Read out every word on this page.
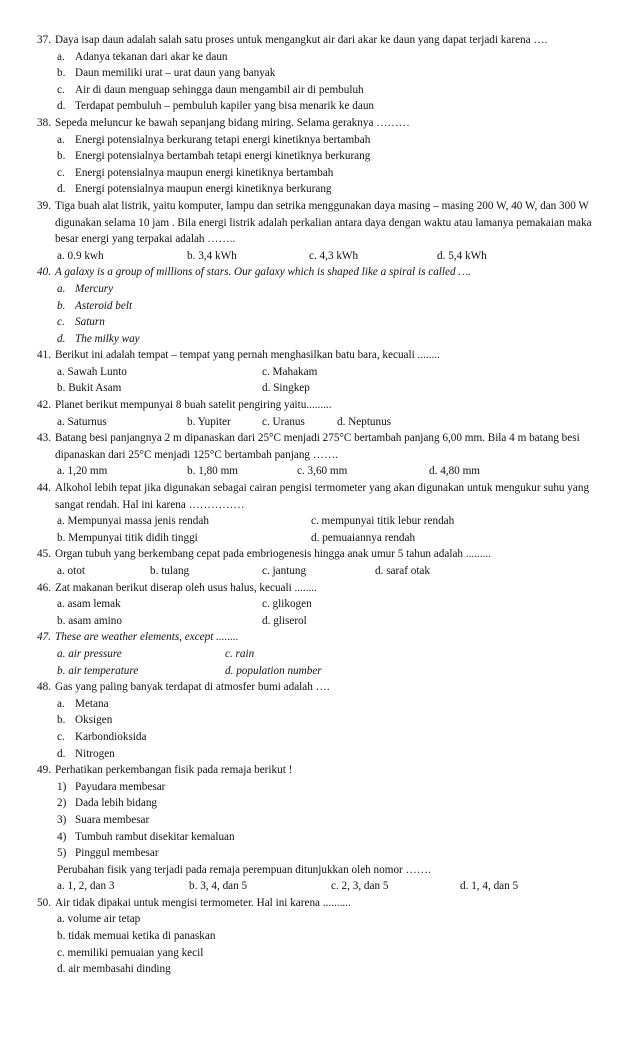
37. Daya isap daun adalah salah satu proses untuk mengangkut air dari akar ke daun yang dapat terjadi karena ….
a. Adanya tekanan dari akar ke daun
b. Daun memiliki urat – urat daun yang banyak
c. Air di daun menguap sehingga daun mengambil air di pembuluh
d. Terdapat pembuluh – pembuluh kapiler yang bisa menarik ke daun
38. Sepeda meluncur ke bawah sepanjang bidang miring. Selama geraknya ………
a. Energi potensialnya berkurang tetapi energi kinetiknya bertambah
b. Energi potensialnya bertambah tetapi energi kinetiknya berkurang
c. Energi potensialnya maupun energi kinetiknya bertambah
d. Energi potensialnya maupun energi kinetiknya berkurang
39. Tiga buah alat listrik, yaitu komputer, lampu dan setrika menggunakan daya masing – masing 200 W, 40 W, dan 300 W digunakan selama 10 jam . Bila energi listrik adalah perkalian antara daya dengan waktu atau lamanya pemakaian maka besar energi yang terpakai adalah ……..
a. 0.9 kwh	b. 3,4 kWh	c. 4,3 kWh	d. 5,4 kWh
40. A galaxy is a group of millions of stars. Our galaxy which is shaped like a spiral is called ….
a. Mercury
b. Asteroid belt
c. Saturn
d. The milky way
41. Berikut ini adalah tempat – tempat yang pernah menghasilkan batu bara, kecuali ........
a. Sawah Lunto	c. Mahakam
b. Bukit Asam	d. Singkep
42. Planet berikut mempunyai 8 buah satelit pengiring yaitu.........
a. Saturnus	b. Yupiter	c. Uranus	d. Neptunus
43. Batang besi panjangnya 2 m dipanaskan dari 25°C menjadi 275°C bertambah panjang 6,00 mm. Bila 4 m batang besi dipanaskan dari 25°C menjadi 125°C bertambah panjang …….
a. 1,20 mm	b. 1,80 mm	c. 3,60 mm	d. 4,80 mm
44. Alkohol lebih tepat jika digunakan sebagai cairan pengisi termometer yang akan digunakan untuk mengukur suhu yang sangat rendah. Hal ini karena ……………
a. Mempunyai massa jenis rendah	c. mempunyai titik lebur rendah
b. Mempunyai titik didih tinggi	d. pemuaiannya rendah
45. Organ tubuh yang berkembang cepat pada embriogenesis hingga anak umur 5 tahun adalah .........
a. otot	b. tulang	c. jantung	d. saraf otak
46. Zat makanan berikut diserap oleh usus halus, kecuali ........
a. asam lemak	c. glikogen
b. asam amino	d. gliserol
47. These are weather elements, except ........
a. air pressure	c. rain
b. air temperature	d. population number
48. Gas yang paling banyak terdapat di atmosfer bumi adalah ….
a. Metana
b. Oksigen
c. Karbondioksida
d. Nitrogen
49. Perhatikan perkembangan fisik pada remaja berikut !
1) Payudara membesar
2) Dada lebih bidang
3) Suara membesar
4) Tumbuh rambut disekitar kemaluan
5) Pinggul membesar
Perubahan fisik yang terjadi pada remaja perempuan ditunjukkan oleh nomor …….
a. 1, 2, dan 3	b. 3, 4, dan 5	c. 2, 3, dan 5	d. 1, 4, dan 5
50. Air tidak dipakai untuk mengisi termometer. Hal ini karena ..........
a. volume air tetap
b. tidak memuai ketika di panaskan
c. memiliki pemuaian yang kecil
d. air membasahi dinding
